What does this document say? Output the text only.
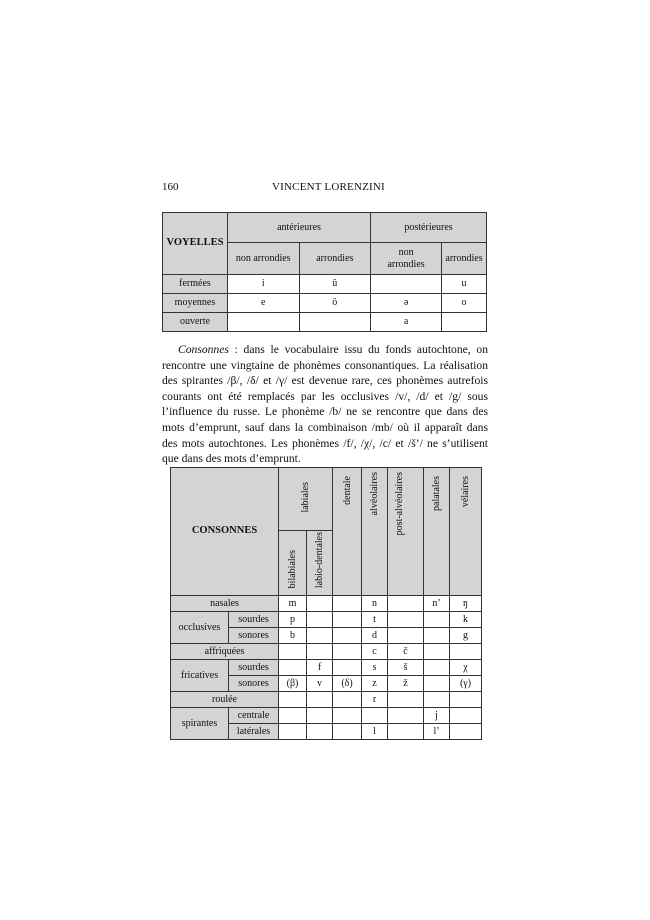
160	VINCENT LORENZINI
VOYELLES	antérieures		postérieures	
	non arrondies	arrondies	non arrondies	arrondies
fermées	i	ü		u
moyennes	e	ö	ə	o
ouverte			a	

Consonnes : dans le vocabulaire issu du fonds autochtone, on rencontre une vingtaine de phonèmes consonantiques. La réalisation des spirantes /β/, /δ/ et /γ/ est devenue rare, ces phonèmes autrefois courants ont été remplacés par les occlusives /v/, /d/ et /g/ sous l’influence du russe. Le phonème /b/ ne se rencontre que dans des mots d’emprunt, sauf dans la combinaison /mb/ où il apparaît dans des mots autochtones. Les phonèmes /f/, /χ/, /c/ et /š’/ ne s’utilisent que dans des mots d’emprunt.

CONSONNES		labiales		dentale	alvéolaires	post-alvéolaires	palatales	vélaires
		bilabiales	labio-dentales					
nasales		m			n		n’	ŋ
occlusives	sourdes	p			t			k
	sonores	b			d			g
affriquées					c	č		
fricatives	sourdes		f		s	š		χ
	sonores	(β)	v	(δ)	z	ž		(γ)
roulée					r			
spirantes	centrale						j	
	latérales				l		l’	
